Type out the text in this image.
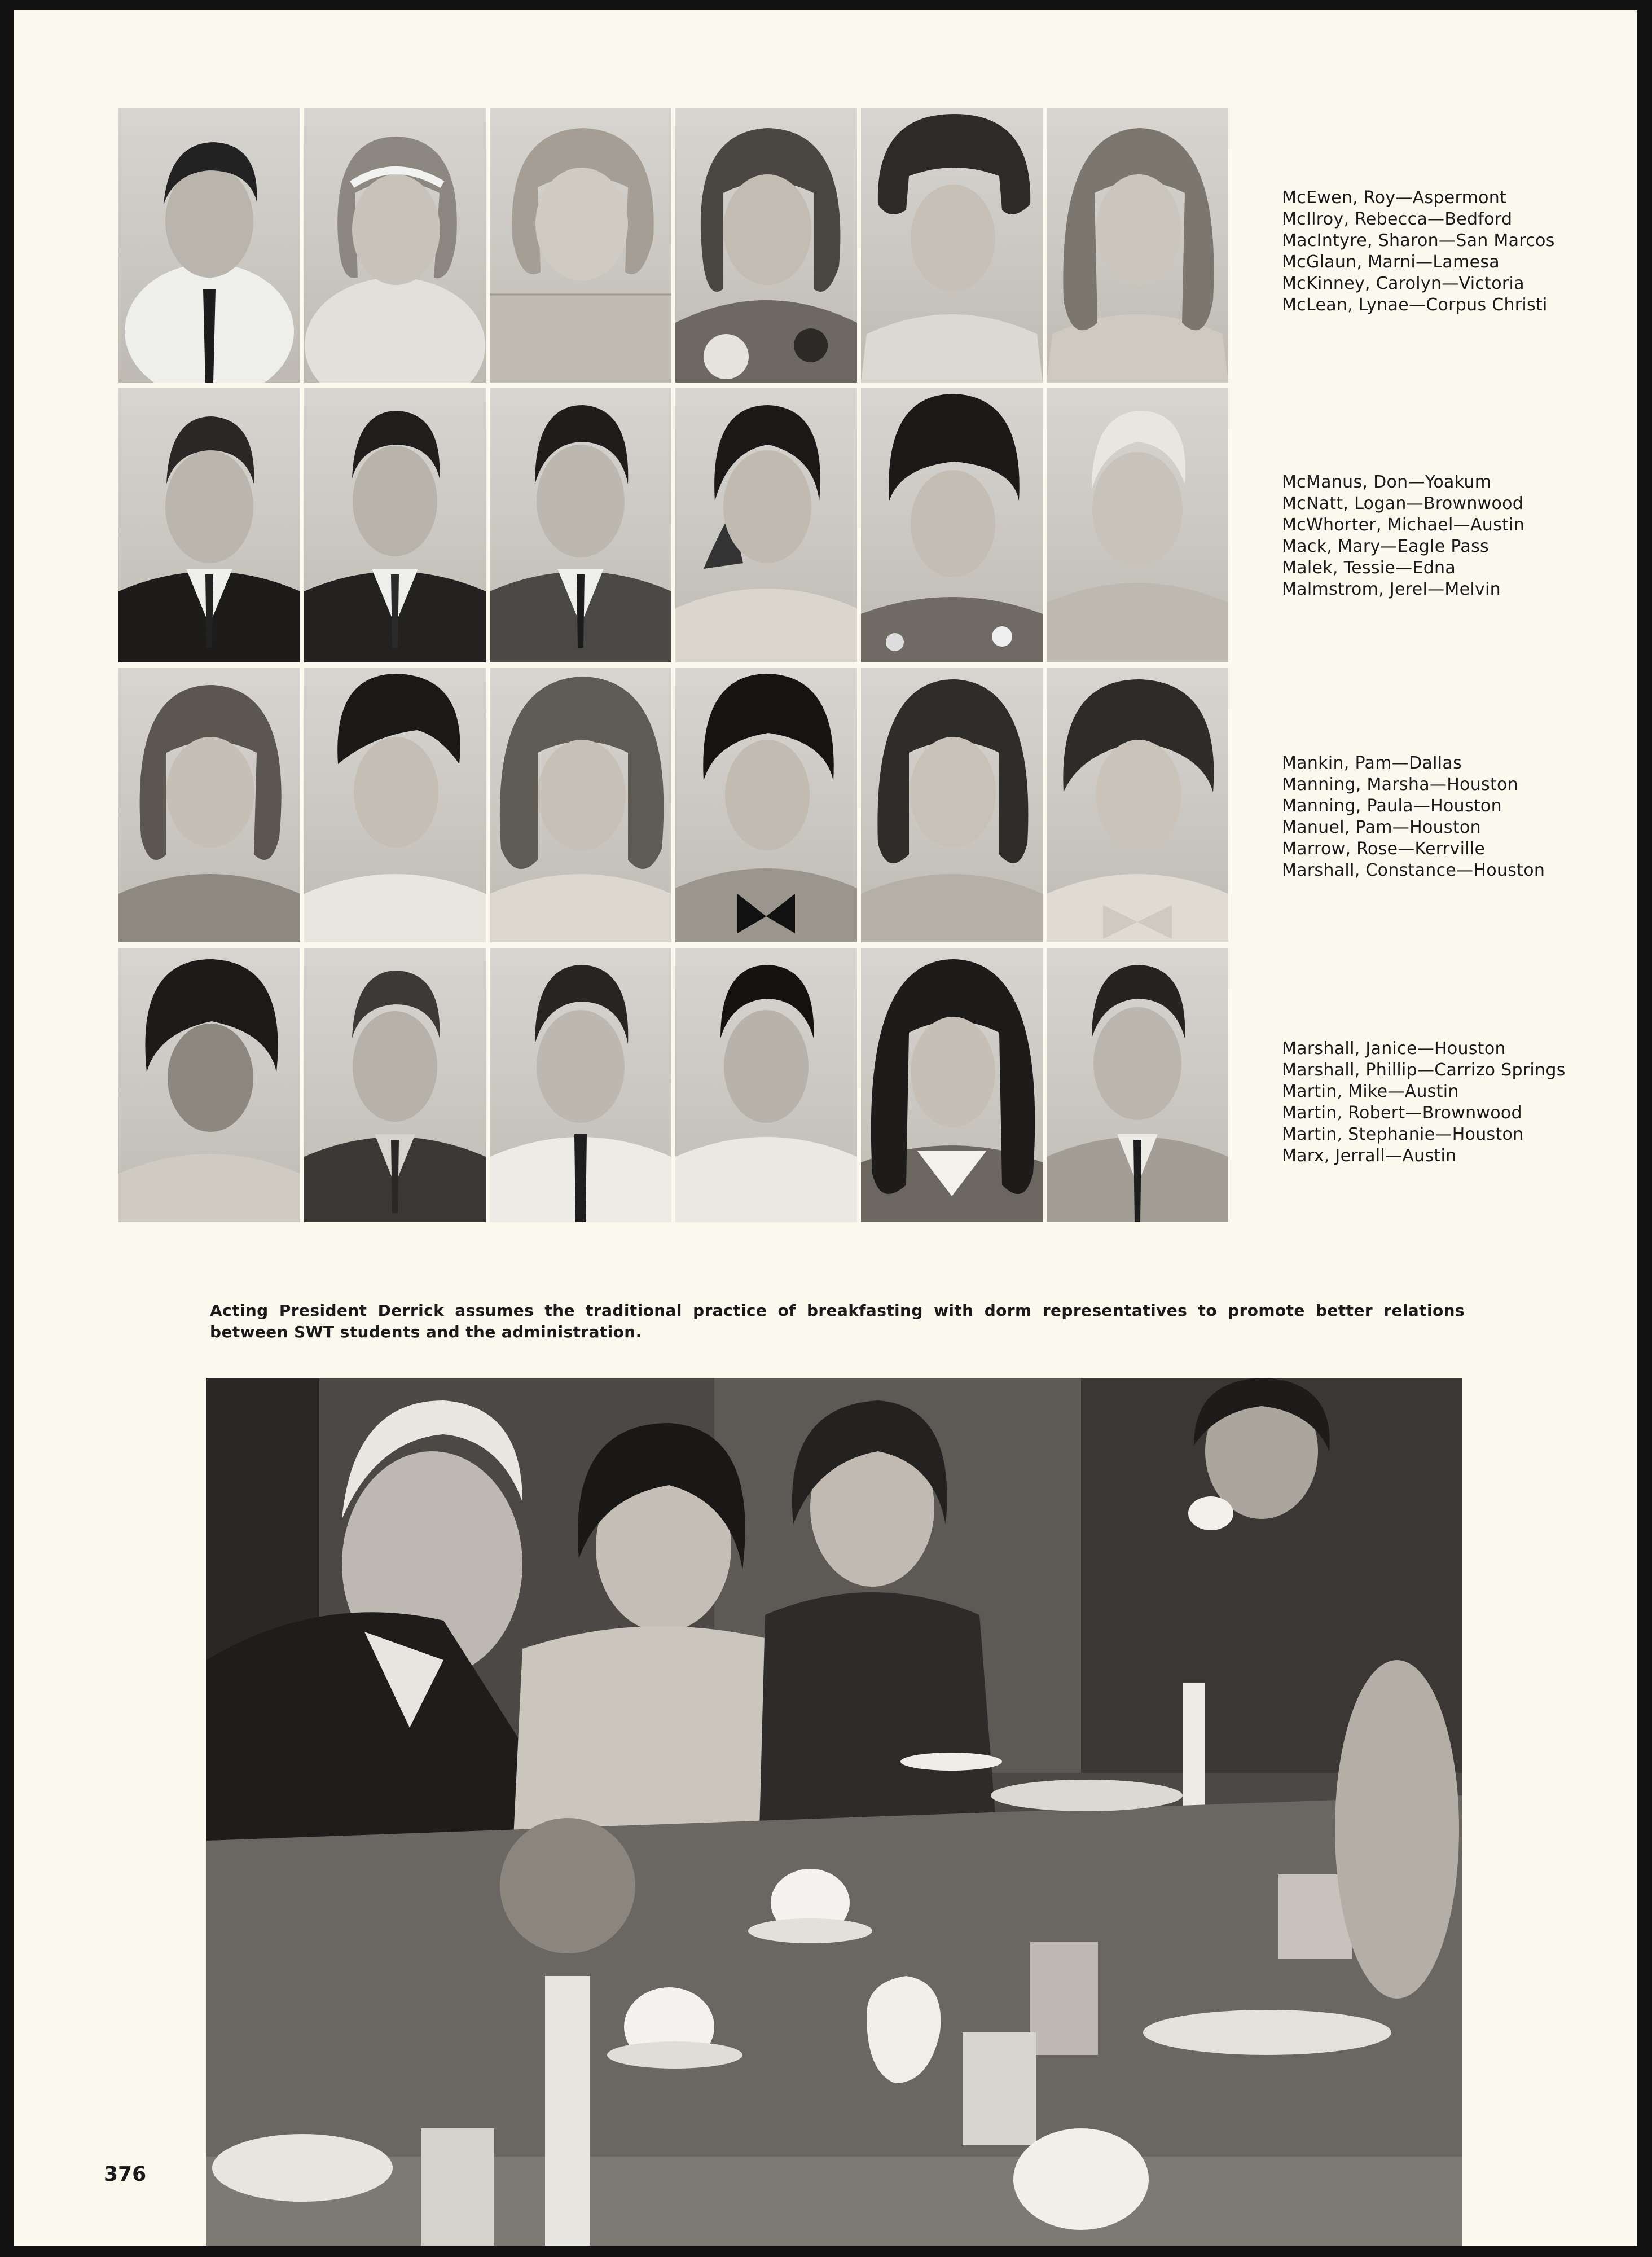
McEwen, Roy—Aspermont
McIlroy, Rebecca—Bedford
MacIntyre, Sharon—San Marcos
McGlaun, Marni—Lamesa
McKinney, Carolyn—Victoria
McLean, Lynae—Corpus Christi
McManus, Don—Yoakum
McNatt, Logan—Brownwood
McWhorter, Michael—Austin
Mack, Mary—Eagle Pass
Malek, Tessie—Edna
Malmstrom, Jerel—Melvin
Mankin, Pam—Dallas
Manning, Marsha—Houston
Manning, Paula—Houston
Manuel, Pam—Houston
Marrow, Rose—Kerrville
Marshall, Constance—Houston
Marshall, Janice—Houston
Marshall, Phillip—Carrizo Springs
Martin, Mike—Austin
Martin, Robert—Brownwood
Martin, Stephanie—Houston
Marx, Jerrall—Austin
Acting President Derrick assumes the traditional practice of breakfasting with dorm representatives to promote better relations between SWT students and the administration.
376
